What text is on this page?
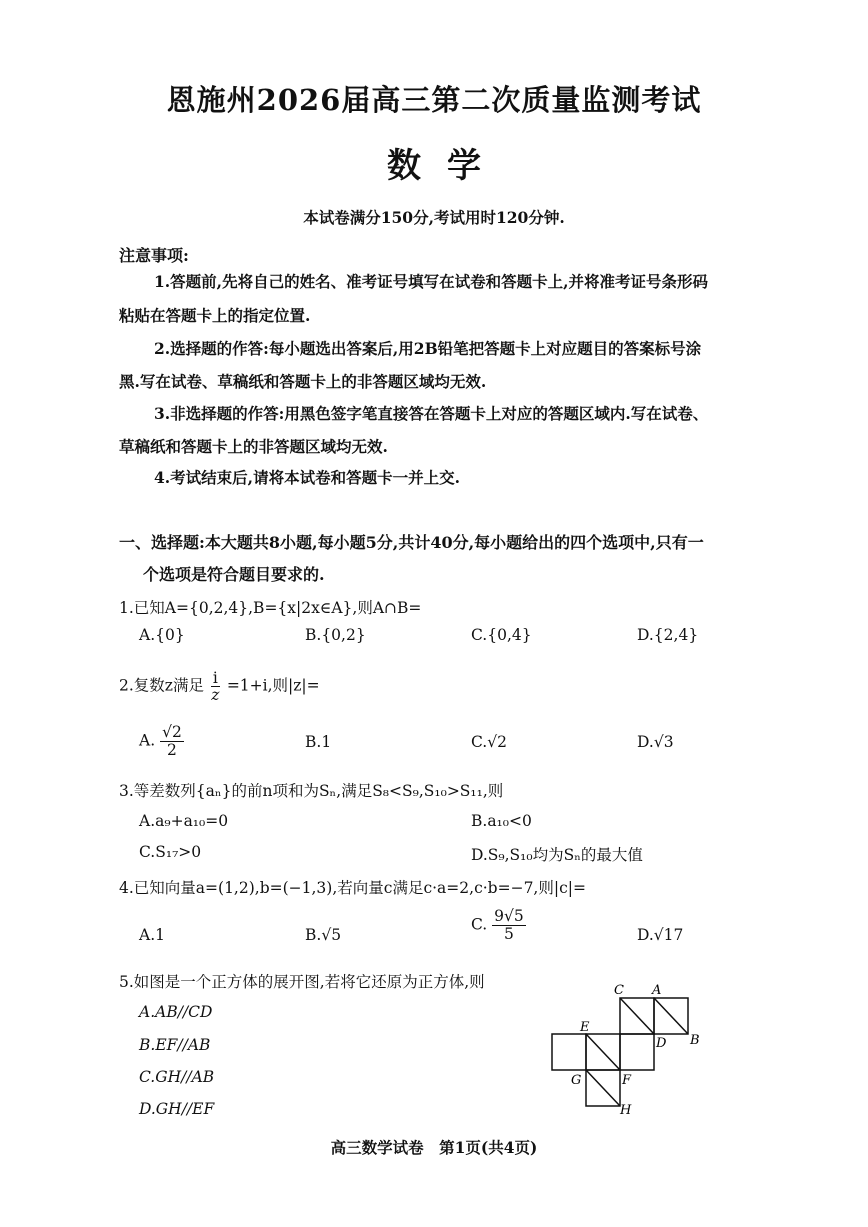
恩施州2026届高三第二次质量监测考试
数学
本试卷满分150分,考试用时120分钟.
注意事项:
1.答题前,先将自己的姓名、准考证号填写在试卷和答题卡上,并将准考证号条形码
粘贴在答题卡上的指定位置.
2.选择题的作答:每小题选出答案后,用2B铅笔把答题卡上对应题目的答案标号涂
黑.写在试卷、草稿纸和答题卡上的非答题区域均无效.
3.非选择题的作答:用黑色签字笔直接答在答题卡上对应的答题区域内.写在试卷、
草稿纸和答题卡上的非答题区域均无效.
4.考试结束后,请将本试卷和答题卡一并上交.
一、选择题:本大题共8小题,每小题5分,共计40分,每小题给出的四个选项中,只有一
个选项是符合题目要求的.
1.已知A={0,2,4},B={x|2x∈A},则A∩B=
A.{0}	B.{0,2}	C.{0,4}	D.{2,4}
2.复数z满足 $\frac{i}{z} =1+i$,则|z|=
A. $\frac{√2}{2}$	B.1	C.√2	D.√3
3.等差数列{aₙ}的前n项和为Sₙ,满足S₈<S₉,S₁₀>S₁₁,则
A.a₉+a₁₀=0	B.a₁₀<0
C.S₁₇>0	D.S₉,S₁₀均为Sₙ的最大值
4.已知向量a=(1,2),b=(−1,3),若向量c满足c·a=2,c·b=−7,则|c|=
A.1	B.√5
C. $\frac{9√5}{5}$	D.√17
5.如图是一个正方体的展开图,若将它还原为正方体,则
A.AB//CD
B.EF//AB
C.GH//AB
D.GH//EF
C A
E
D B
G	F
H
高三数学试卷　第1页(共4页)
